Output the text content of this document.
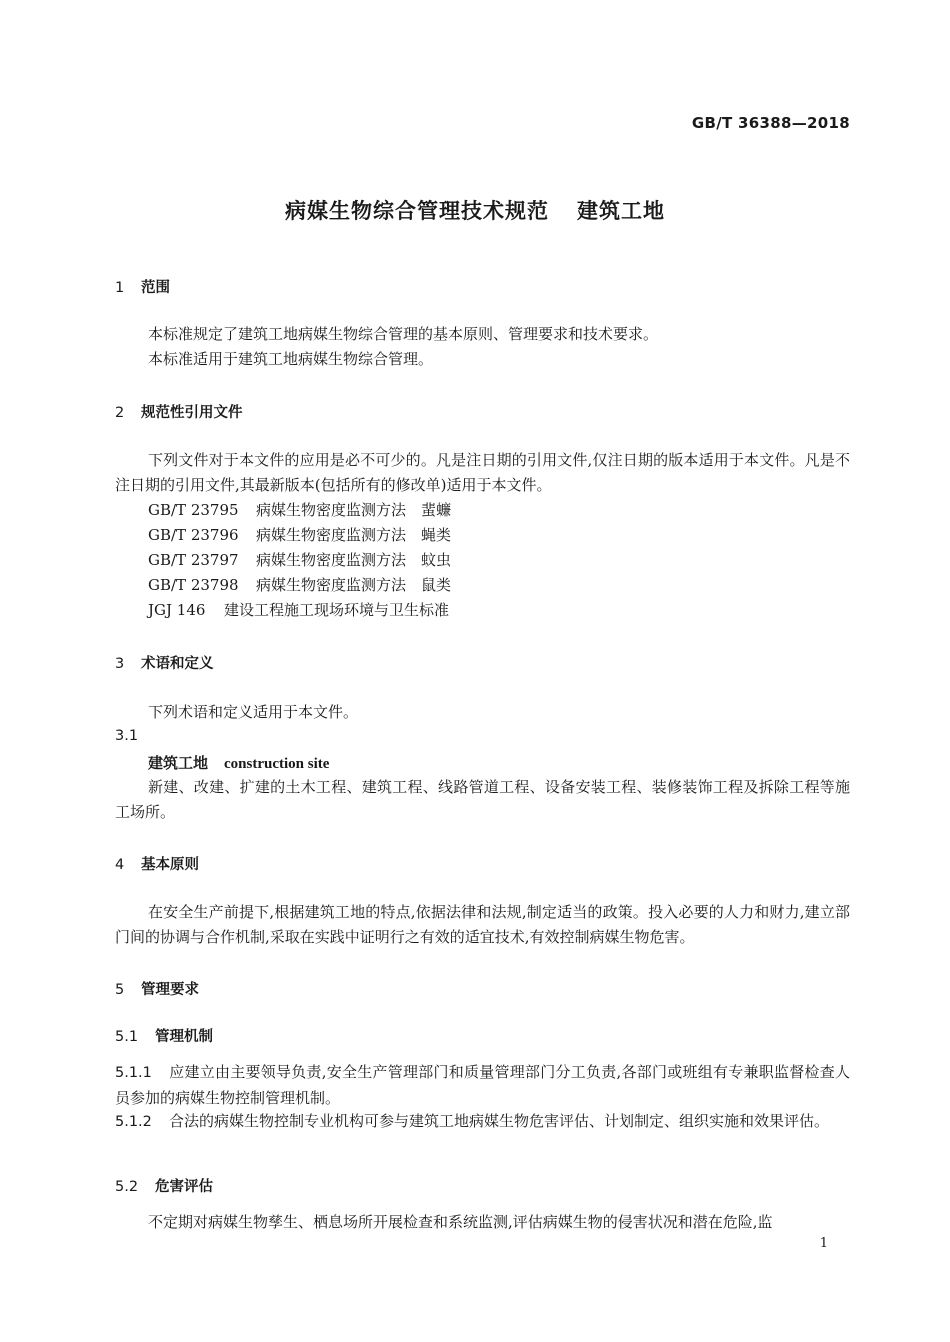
GB/T 36388—2018
病媒生物综合管理技术规范 建筑工地
1 范围
本标准规定了建筑工地病媒生物综合管理的基本原则、管理要求和技术要求。
本标准适用于建筑工地病媒生物综合管理。
2 规范性引用文件
下列文件对于本文件的应用是必不可少的。凡是注日期的引用文件,仅注日期的版本适用于本文件。凡是不注日期的引用文件,其最新版本(包括所有的修改单)适用于本文件。
GB/T 23795 病媒生物密度监测方法　蜚蠊
GB/T 23796 病媒生物密度监测方法　蝇类
GB/T 23797 病媒生物密度监测方法　蚊虫
GB/T 23798 病媒生物密度监测方法　鼠类
JGJ 146 建设工程施工现场环境与卫生标准
3 术语和定义
下列术语和定义适用于本文件。
3.1
建筑工地 construction site
新建、改建、扩建的土木工程、建筑工程、线路管道工程、设备安装工程、装修装饰工程及拆除工程等施工场所。
4 基本原则
在安全生产前提下,根据建筑工地的特点,依据法律和法规,制定适当的政策。投入必要的人力和财力,建立部门间的协调与合作机制,采取在实践中证明行之有效的适宜技术,有效控制病媒生物危害。
5 管理要求
5.1 管理机制
5.1.1 应建立由主要领导负责,安全生产管理部门和质量管理部门分工负责,各部门或班组有专兼职监督检查人员参加的病媒生物控制管理机制。
5.1.2 合法的病媒生物控制专业机构可参与建筑工地病媒生物危害评估、计划制定、组织实施和效果评估。
5.2 危害评估
不定期对病媒生物孳生、栖息场所开展检查和系统监测,评估病媒生物的侵害状况和潜在危险,监
1
